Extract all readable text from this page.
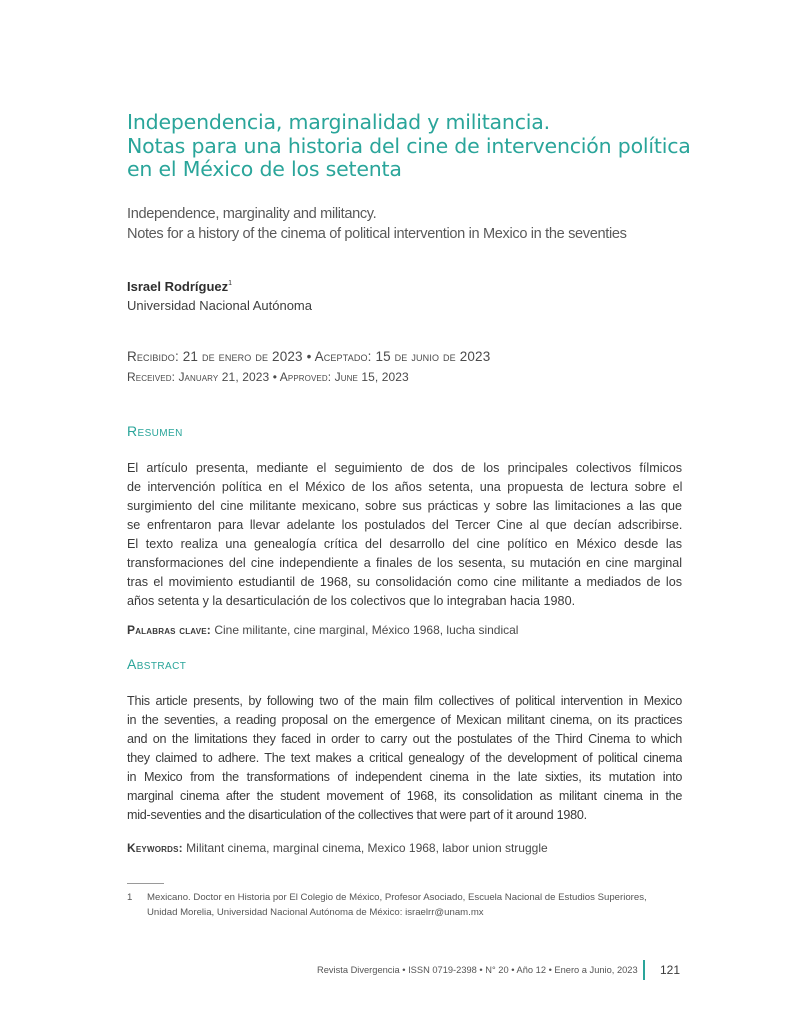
Independencia, marginalidad y militancia.
Notas para una historia del cine de intervención política
en el México de los setenta
Independence, marginality and militancy.
Notes for a history of the cinema of political intervention in Mexico in the seventies
Israel Rodríguez$^1$
Universidad Nacional Autónoma
Recibido: 21 de enero de 2023 • Aceptado: 15 de junio de 2023
Received: January 21, 2023 • Approved: June 15, 2023
Resumen
El artículo presenta, mediante el seguimiento de dos de los principales colectivos fílmicos
de intervención política en el México de los años setenta, una propuesta de lectura sobre el
surgimiento del cine militante mexicano, sobre sus prácticas y sobre las limitaciones a las que
se enfrentaron para llevar adelante los postulados del Tercer Cine al que decían adscribirse.
El texto realiza una genealogía crítica del desarrollo del cine político en México desde las
transformaciones del cine independiente a finales de los sesenta, su mutación en cine marginal
tras el movimiento estudiantil de 1968, su consolidación como cine militante a mediados de los
años setenta y la desarticulación de los colectivos que lo integraban hacia 1980.
Palabras clave: Cine militante, cine marginal, México 1968, lucha sindical
Abstract
This article presents, by following two of the main film collectives of political intervention in Mexico
in the seventies, a reading proposal on the emergence of Mexican militant cinema, on its practices
and on the limitations they faced in order to carry out the postulates of the Third Cinema to which
they claimed to adhere. The text makes a critical genealogy of the development of political cinema
in Mexico from the transformations of independent cinema in the late sixties, its mutation into
marginal cinema after the student movement of 1968, its consolidation as militant cinema in the
mid-seventies and the disarticulation of the collectives that were part of it around 1980.
Keywords: Militant cinema, marginal cinema, Mexico 1968, labor union struggle
1 Mexicano. Doctor en Historia por El Colegio de México, Profesor Asociado, Escuela Nacional de Estudios Superiores,
Unidad Morelia, Universidad Nacional Autónoma de México: israelrr@unam.mx
Revista Divergencia • ISSN 0719-2398 • N° 20 • Año 12 • Enero a Junio, 2023 121
